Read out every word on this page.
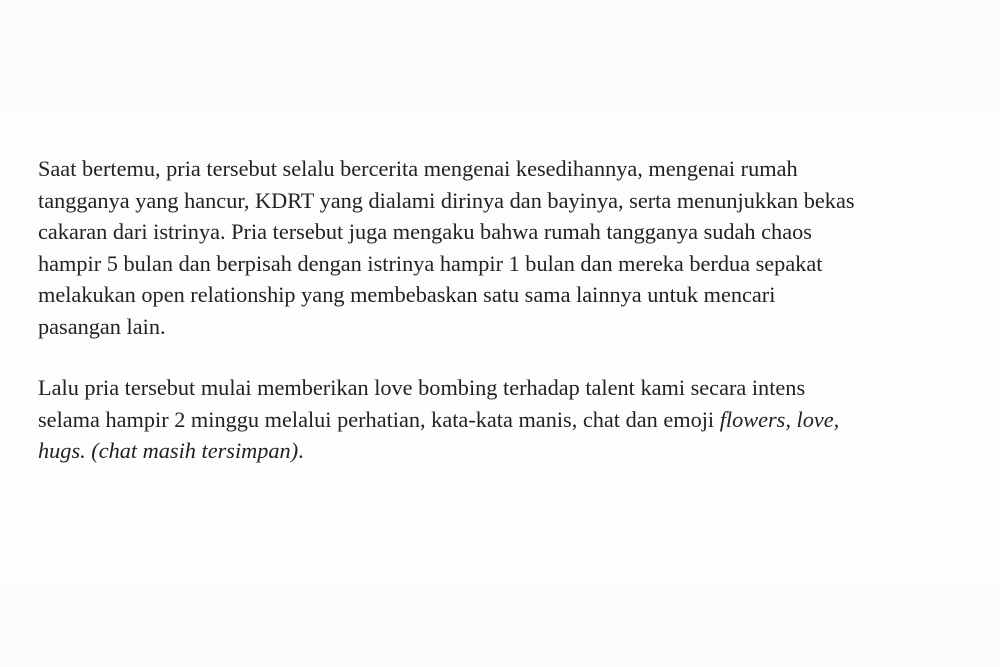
Saat bertemu, pria tersebut selalu bercerita mengenai kesedihannya, mengenai rumah
tangganya yang hancur, KDRT yang dialami dirinya dan bayinya, serta menunjukkan bekas
cakaran dari istrinya. Pria tersebut juga mengaku bahwa rumah tangganya sudah chaos
hampir 5 bulan dan berpisah dengan istrinya hampir 1 bulan dan mereka berdua sepakat
melakukan open relationship yang membebaskan satu sama lainnya untuk mencari
pasangan lain.

Lalu pria tersebut mulai memberikan love bombing terhadap talent kami secara intens
selama hampir 2 minggu melalui perhatian, kata-kata manis, chat dan emoji flowers, love,
hugs. (chat masih tersimpan).
